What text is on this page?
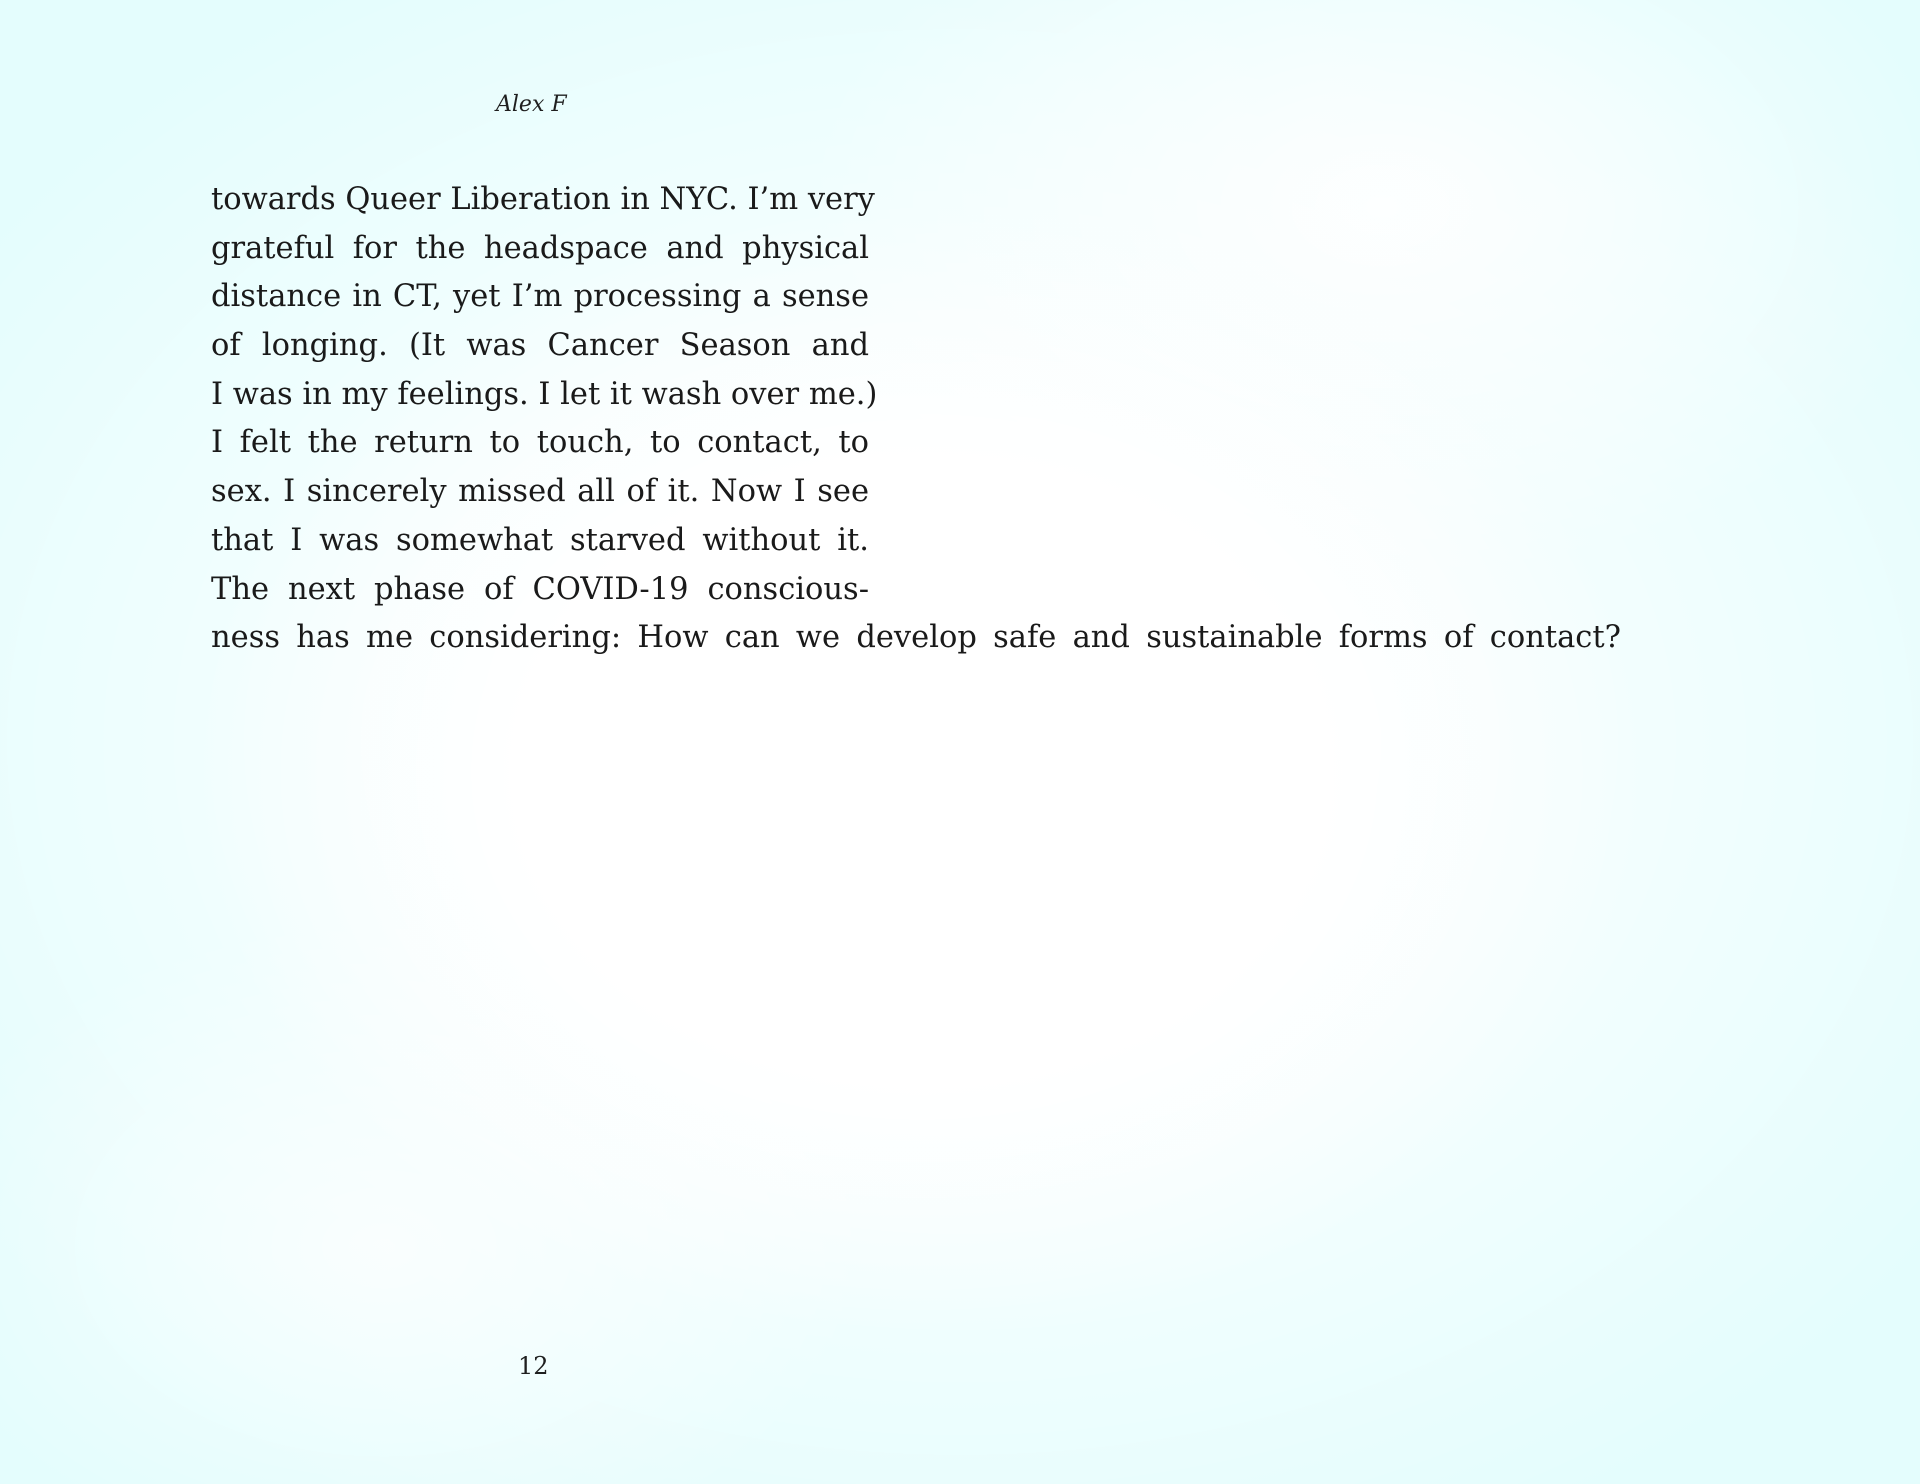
Alex F
towards Queer Liberation in NYC. I’m very
grateful for the headspace and physical
distance in CT, yet I’m processing a sense
of longing. (It was Cancer Season and
I was in my feelings. I let it wash over me.)
I felt the return to touch, to contact, to
sex. I sincerely missed all of it. Now I see
that I was somewhat starved without it.
The next phase of COVID-19 conscious-
ness has me considering: How can we develop safe and sustainable forms of contact?
12
